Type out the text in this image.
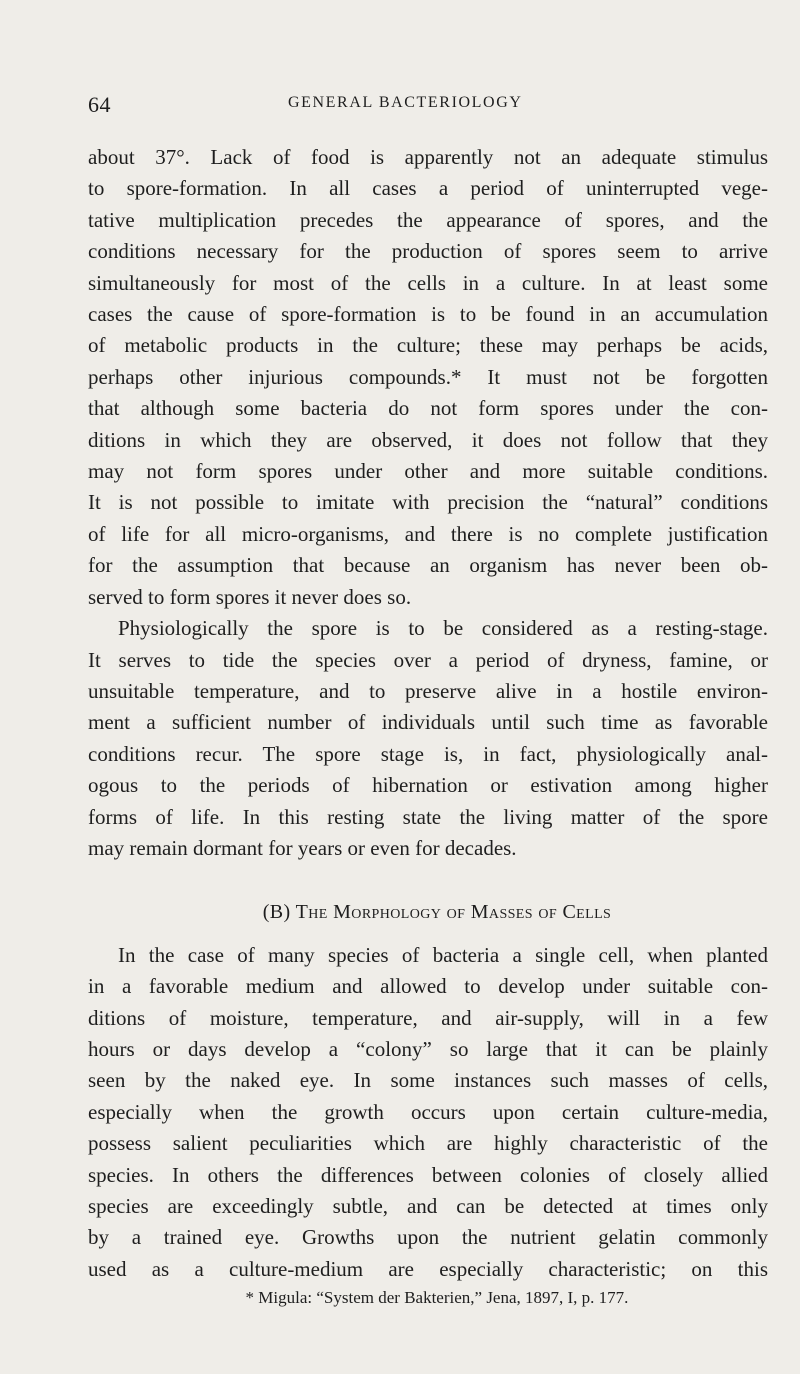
64	GENERAL BACTERIOLOGY
about 37°. Lack of food is apparently not an adequate stimulus
to spore-formation. In all cases a period of uninterrupted vege-
tative multiplication precedes the appearance of spores, and the
conditions necessary for the production of spores seem to arrive
simultaneously for most of the cells in a culture. In at least some
cases the cause of spore-formation is to be found in an accumulation
of metabolic products in the culture; these may perhaps be acids,
perhaps other injurious compounds.* It must not be forgotten
that although some bacteria do not form spores under the con-
ditions in which they are observed, it does not follow that they
may not form spores under other and more suitable conditions.
It is not possible to imitate with precision the “natural” conditions
of life for all micro-organisms, and there is no complete justification
for the assumption that because an organism has never been ob-
served to form spores it never does so.
Physiologically the spore is to be considered as a resting-stage.
It serves to tide the species over a period of dryness, famine, or
unsuitable temperature, and to preserve alive in a hostile environ-
ment a sufficient number of individuals until such time as favorable
conditions recur. The spore stage is, in fact, physiologically anal-
ogous to the periods of hibernation or estivation among higher
forms of life. In this resting state the living matter of the spore
may remain dormant for years or even for decades.
(B) The Morphology of Masses of Cells
In the case of many species of bacteria a single cell, when planted
in a favorable medium and allowed to develop under suitable con-
ditions of moisture, temperature, and air-supply, will in a few
hours or days develop a “colony” so large that it can be plainly
seen by the naked eye. In some instances such masses of cells,
especially when the growth occurs upon certain culture-media,
possess salient peculiarities which are highly characteristic of the
species. In others the differences between colonies of closely allied
species are exceedingly subtle, and can be detected at times only
by a trained eye. Growths upon the nutrient gelatin commonly
used as a culture-medium are especially characteristic; on this
* Migula: “System der Bakterien,” Jena, 1897, I, p. 177.
